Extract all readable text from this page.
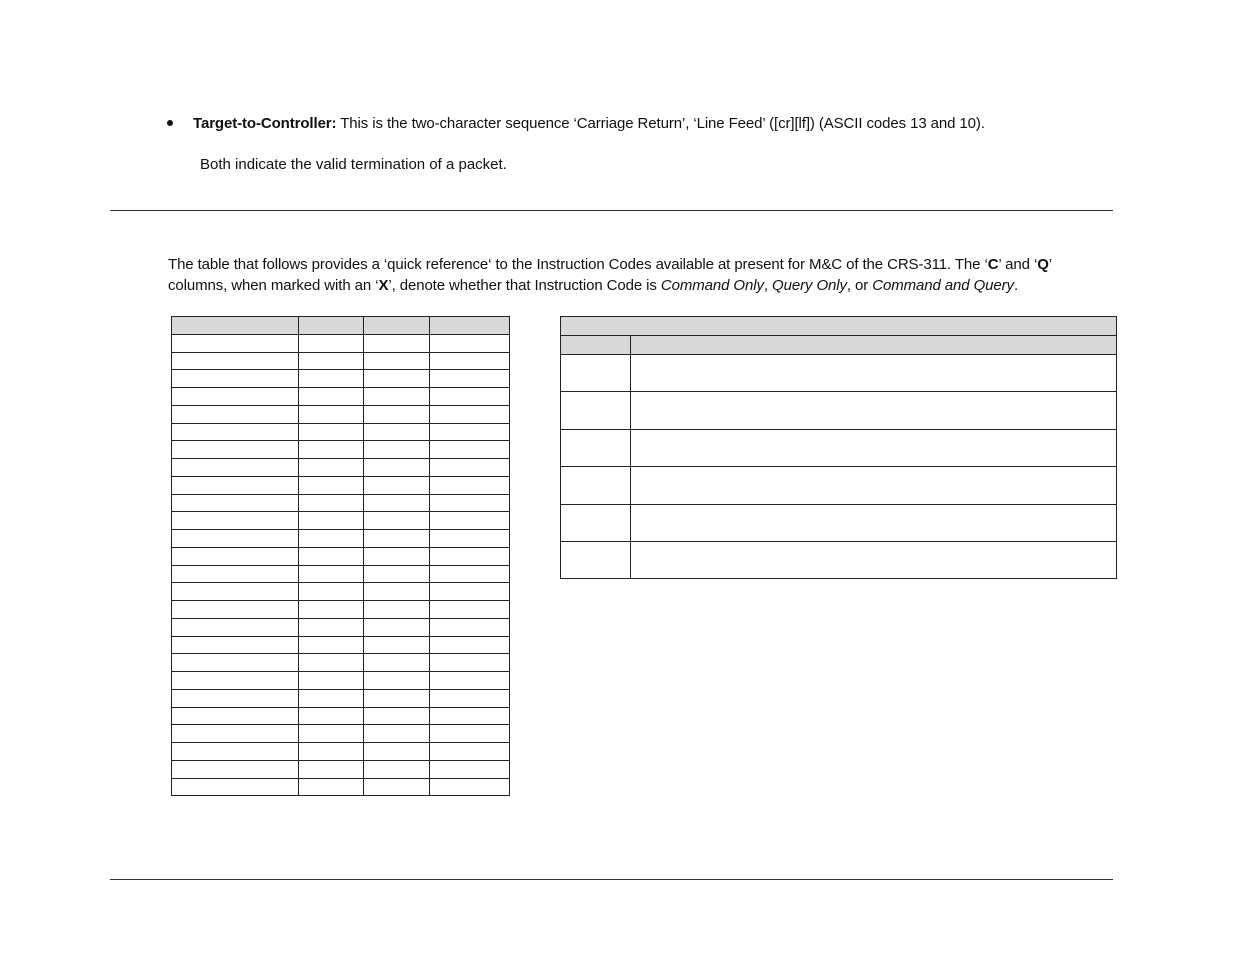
Target-to-Controller: This is the two-character sequence ‘Carriage Return’, ‘Line Feed’ ([cr][lf]) (ASCII codes 13 and 10).
Both indicate the valid termination of a packet.
The table that follows provides a ‘quick reference‘ to the Instruction Codes available at present for M&C of the CRS-311. The ‘C’ and ‘Q’
columns, when marked with an ‘X’, denote whether that Instruction Code is Command Only, Query Only, or Command and Query.
